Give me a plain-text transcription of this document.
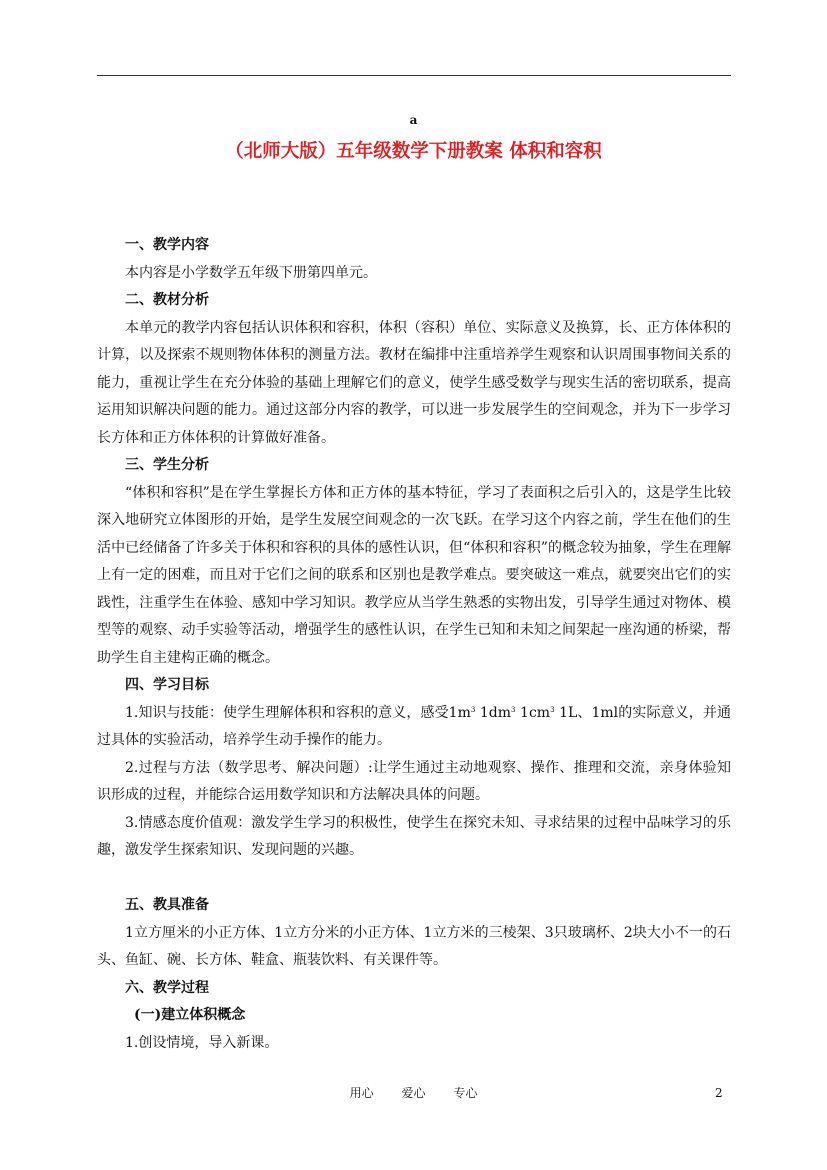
a
（北师大版）五年级数学下册教案 体积和容积

一、教学内容

本内容是小学数学五年级下册第四单元。

二、教材分析

本单元的教学内容包括认识体积和容积，体积（容积）单位、实际意义及换算，长、正方体体积的计算，以及探索不规则物体体积的测量方法。教材在编排中注重培养学生观察和认识周围事物间关系的能力，重视让学生在充分体验的基础上理解它们的意义，使学生感受数学与现实生活的密切联系，提高运用知识解决问题的能力。通过这部分内容的教学，可以进一步发展学生的空间观念，并为下一步学习长方体和正方体体积的计算做好准备。

三、学生分析

“体积和容积”是在学生掌握长方体和正方体的基本特征，学习了表面积之后引入的，这是学生比较深入地研究立体图形的开始，是学生发展空间观念的一次飞跃。在学习这个内容之前，学生在他们的生活中已经储备了许多关于体积和容积的具体的感性认识，但“体积和容积”的概念较为抽象，学生在理解上有一定的困难，而且对于它们之间的联系和区别也是教学难点。要突破这一难点，就要突出它们的实践性，注重学生在体验、感知中学习知识。教学应从当学生熟悉的实物出发，引导学生通过对物体、模型等的观察、动手实验等活动，增强学生的感性认识，在学生已知和未知之间架起一座沟通的桥梁，帮助学生自主建构正确的概念。

四、学习目标

1.知识与技能：使学生理解体积和容积的意义，感受$1m^3$ $1dm^3$ $1cm^3$ 1L、1ml的实际意义，并通过具体的实验活动，培养学生动手操作的能力。

2.过程与方法（数学思考、解决问题）:让学生通过主动地观察、操作、推理和交流，亲身体验知识形成的过程，并能综合运用数学知识和方法解决具体的问题。

3.情感态度价值观：激发学生学习的积极性，使学生在探究未知、寻求结果的过程中品味学习的乐趣，激发学生探索知识、发现问题的兴趣。

五、教具准备

1立方厘米的小正方体、1立方分米的小正方体、1立方米的三棱架、3只玻璃杯、2块大小不一的石头、鱼缸、碗、长方体、鞋盒、瓶装饮料、有关课件等。

六、教学过程

(一)建立体积概念

1.创设情境，导入新课。

用心 爱心 专心	2
